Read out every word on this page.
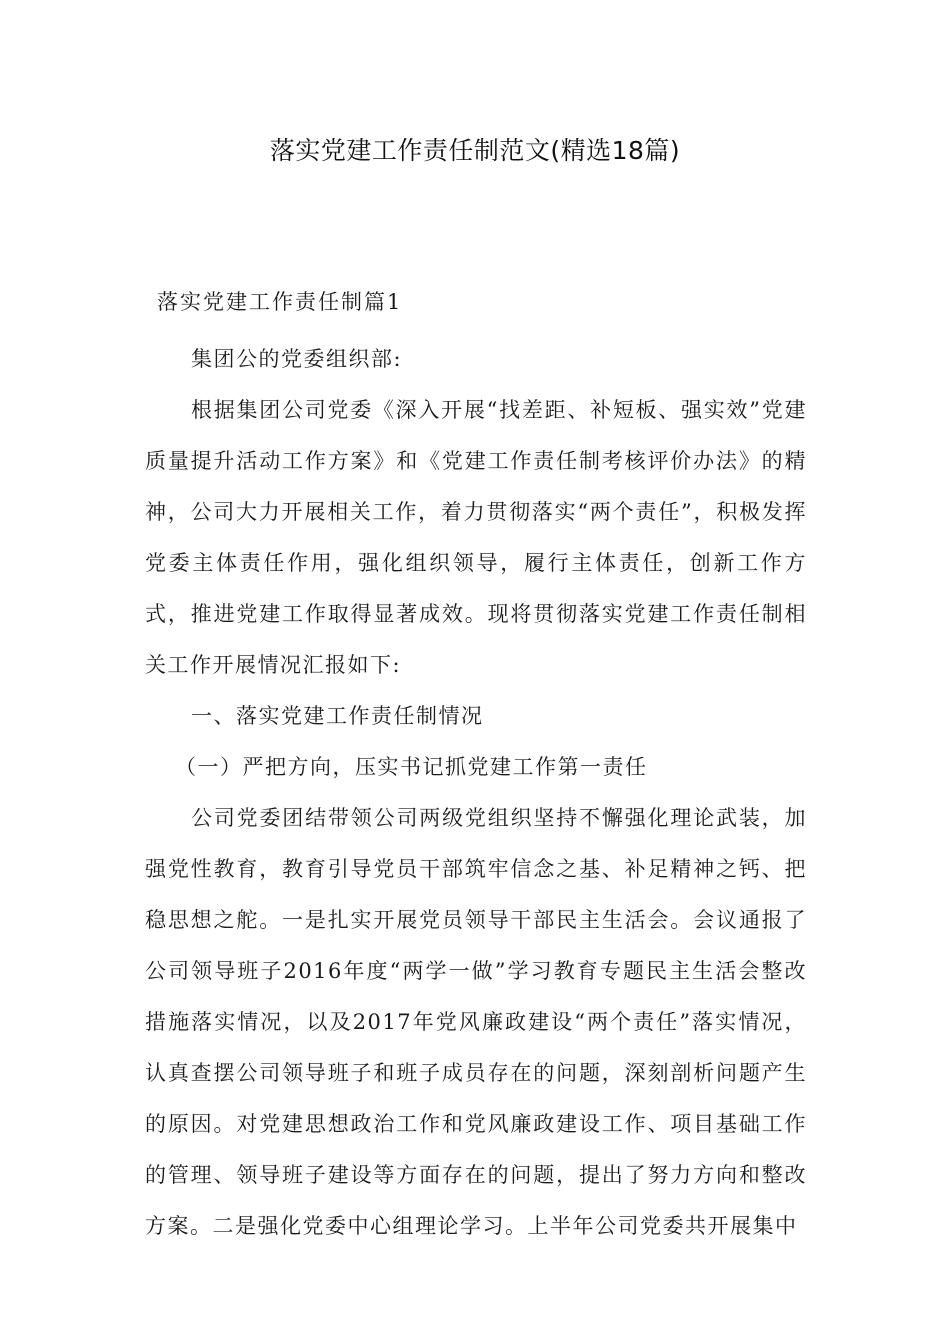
落实党建工作责任制范文(精选18篇)
落实党建工作责任制篇1

集团公的党委组织部:

根据集团公司党委《深入开展“找差距、补短板、强实效”党建质量提升活动工作方案》和《党建工作责任制考核评价办法》的精神，公司大力开展相关工作，着力贯彻落实“两个责任”，积极发挥党委主体责任作用，强化组织领导，履行主体责任，创新工作方式，推进党建工作取得显著成效。现将贯彻落实党建工作责任制相关工作开展情况汇报如下:

一、落实党建工作责任制情况

（一）严把方向，压实书记抓党建工作第一责任

公司党委团结带领公司两级党组织坚持不懈强化理论武装，加强党性教育，教育引导党员干部筑牢信念之基、补足精神之钙、把稳思想之舵。一是扎实开展党员领导干部民主生活会。会议通报了公司领导班子2016年度“两学一做”学习教育专题民主生活会整改措施落实情况，以及2017年党风廉政建设“两个责任”落实情况，认真查摆公司领导班子和班子成员存在的问题，深刻剖析问题产生的原因。对党建思想政治工作和党风廉政建设工作、项目基础工作的管理、领导班子建设等方面存在的问题，提出了努力方向和整改方案。二是强化党委中心组理论学习。上半年公司党委共开展集中
